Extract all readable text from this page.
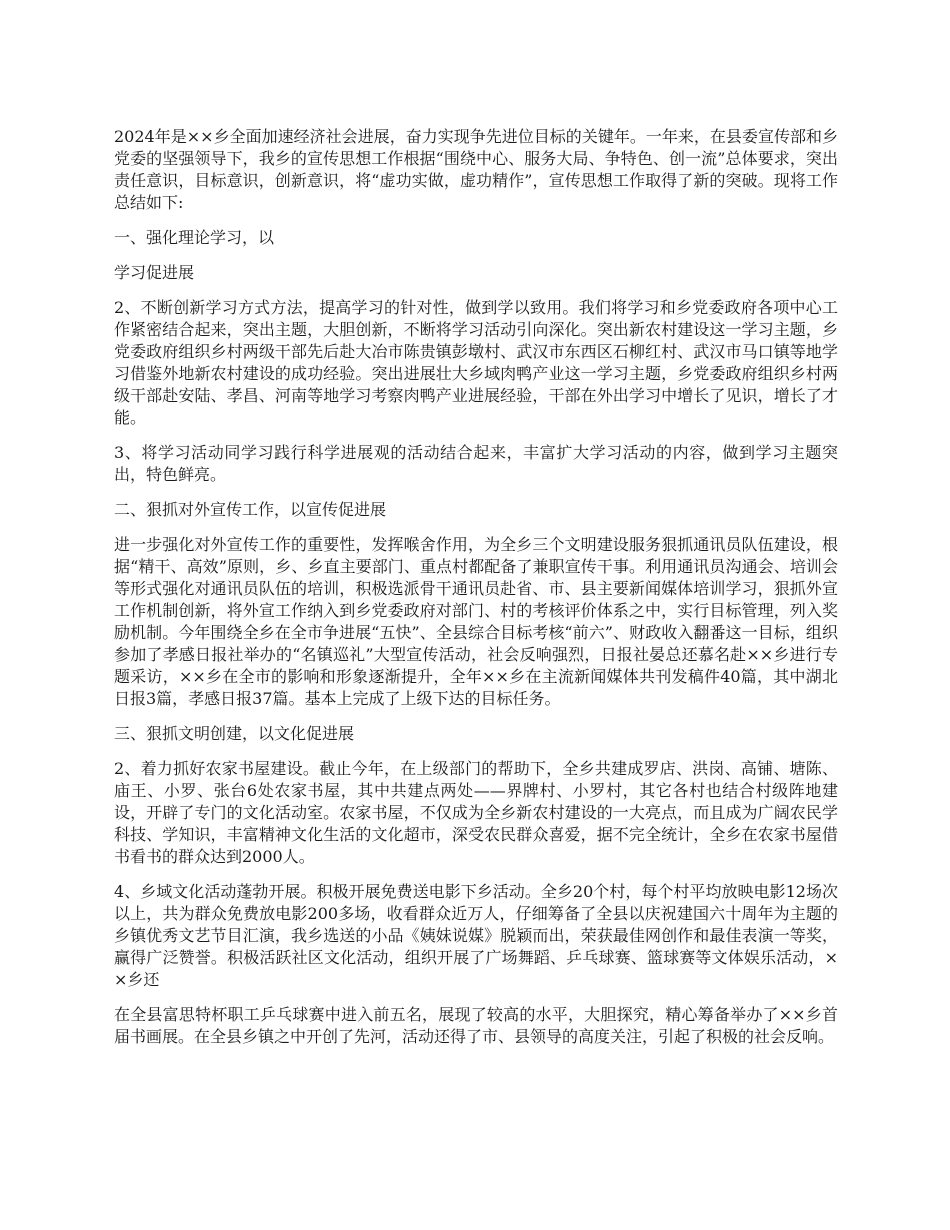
2024年是××乡全面加速经济社会进展，奋力实现争先进位目标的关键年。一年来，在县委宣传部和乡党委的坚强领导下，我乡的宣传思想工作根据“围绕中心、服务大局、争特色、创一流”总体要求，突出责任意识，目标意识，创新意识，将“虚功实做，虚功精作”，宣传思想工作取得了新的突破。现将工作总结如下:

一、强化理论学习，以

学习促进展

2、不断创新学习方式方法，提高学习的针对性，做到学以致用。我们将学习和乡党委政府各项中心工作紧密结合起来，突出主题，大胆创新，不断将学习活动引向深化。突出新农村建设这一学习主题，乡党委政府组织乡村两级干部先后赴大冶市陈贵镇彭墩村、武汉市东西区石柳红村、武汉市马口镇等地学习借鉴外地新农村建设的成功经验。突出进展壮大乡域肉鸭产业这一学习主题，乡党委政府组织乡村两级干部赴安陆、孝昌、河南等地学习考察肉鸭产业进展经验，干部在外出学习中增长了见识，增长了才能。

3、将学习活动同学习践行科学进展观的活动结合起来，丰富扩大学习活动的内容，做到学习主题突出，特色鲜亮。

二、狠抓对外宣传工作，以宣传促进展

进一步强化对外宣传工作的重要性，发挥喉舍作用，为全乡三个文明建设服务狠抓通讯员队伍建设，根据“精干、高效”原则，乡、乡直主要部门、重点村都配备了兼职宣传干事。利用通讯员沟通会、培训会等形式强化对通讯员队伍的培训，积极选派骨干通讯员赴省、市、县主要新闻媒体培训学习，狠抓外宣工作机制创新，将外宣工作纳入到乡党委政府对部门、村的考核评价体系之中，实行目标管理，列入奖励机制。今年围绕全乡在全市争进展“五快”、全县综合目标考核“前六”、财政收入翻番这一目标，组织参加了孝感日报社举办的“名镇巡礼”大型宣传活动，社会反响强烈，日报社晏总还慕名赴××乡进行专题采访，××乡在全市的影响和形象逐渐提升，全年××乡在主流新闻媒体共刊发稿件40篇，其中湖北日报3篇，孝感日报37篇。基本上完成了上级下达的目标任务。

三、狠抓文明创建，以文化促进展

2、着力抓好农家书屋建设。截止今年，在上级部门的帮助下，全乡共建成罗店、洪岗、高铺、塘陈、庙王、小罗、张台6处农家书屋，其中共建点两处——界牌村、小罗村，其它各村也结合村级阵地建设，开辟了专门的文化活动室。农家书屋，不仅成为全乡新农村建设的一大亮点，而且成为广阔农民学科技、学知识，丰富精神文化生活的文化超市，深受农民群众喜爱，据不完全统计，全乡在农家书屋借书看书的群众达到2000人。

4、乡域文化活动蓬勃开展。积极开展免费送电影下乡活动。全乡20个村，每个村平均放映电影12场次以上，共为群众免费放电影200多场，收看群众近万人，仔细筹备了全县以庆祝建国六十周年为主题的乡镇优秀文艺节目汇演，我乡选送的小品《姨妹说媒》脱颖而出，荣获最佳网创作和最佳表演一等奖，赢得广泛赞誉。积极活跃社区文化活动，组织开展了广场舞蹈、乒乓球赛、篮球赛等文体娱乐活动，××乡还

在全县富思特杯职工乒乓球赛中进入前五名，展现了较高的水平，大胆探究，精心筹备举办了××乡首届书画展。在全县乡镇之中开创了先河，活动还得了市、县领导的高度关注，引起了积极的社会反响。
